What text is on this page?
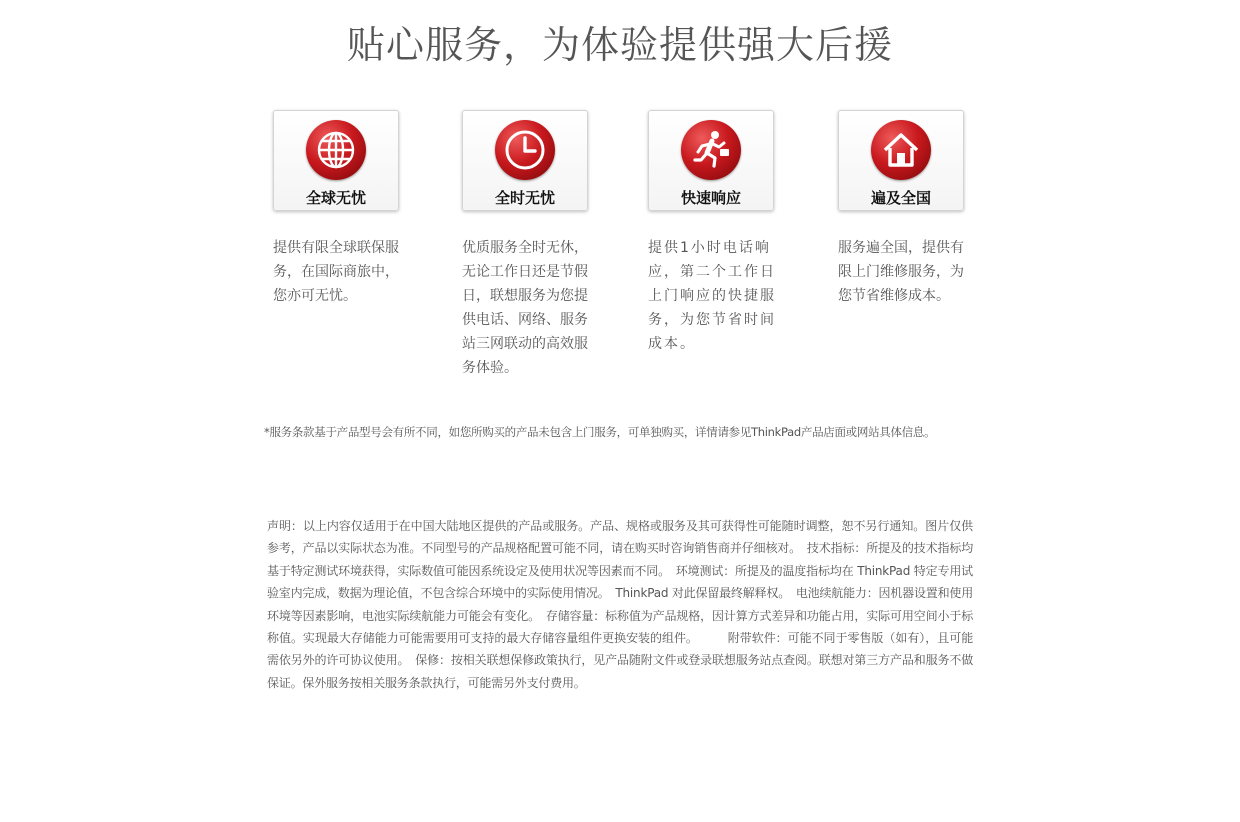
贴心服务，为体验提供强大后援
全球无忧
提供有限全球联保服务，在国际商旅中，您亦可无忧。
全时无忧
优质服务全时无休，无论工作日还是节假日，联想服务为您提供电话、网络、服务站三网联动的高效服务体验。
快速响应
提供1小时电话响应，第二个工作日上门响应的快捷服务，为您节省时间成本。
遍及全国
服务遍全国，提供有限上门维修服务，为您节省维修成本。
*服务条款基于产品型号会有所不同，如您所购买的产品未包含上门服务，可单独购买，详情请参见ThinkPad产品店面或网站具体信息。
声明：以上内容仅适用于在中国大陆地区提供的产品或服务。产品、规格或服务及其可获得性可能随时调整，恕不另行通知。图片仅供参考，产品以实际状态为准。不同型号的产品规格配置可能不同，请在购买时咨询销售商并仔细核对。　技术指标：所提及的技术指标均基于特定测试环境获得，实际数值可能因系统设定及使用状况等因素而不同。　环境测试：所提及的温度指标均在 ThinkPad 特定专用试验室内完成，数据为理论值，不包含综合环境中的实际使用情况。　ThinkPad 对此保留最终解释权。　电池续航能力：因机器设置和使用环境等因素影响，电池实际续航能力可能会有变化。　存储容量：标称值为产品规格，因计算方式差异和功能占用，实际可用空间小于标称值。实现最大存储能力可能需要用可支持的最大存储容量组件更换安装的组件。　　　附带软件：可能不同于零售版（如有），且可能需依另外的许可协议使用。　保修：按相关联想保修政策执行，见产品随附文件或登录联想服务站点查阅。联想对第三方产品和服务不做保证。保外服务按相关服务条款执行，可能需另外支付费用。
